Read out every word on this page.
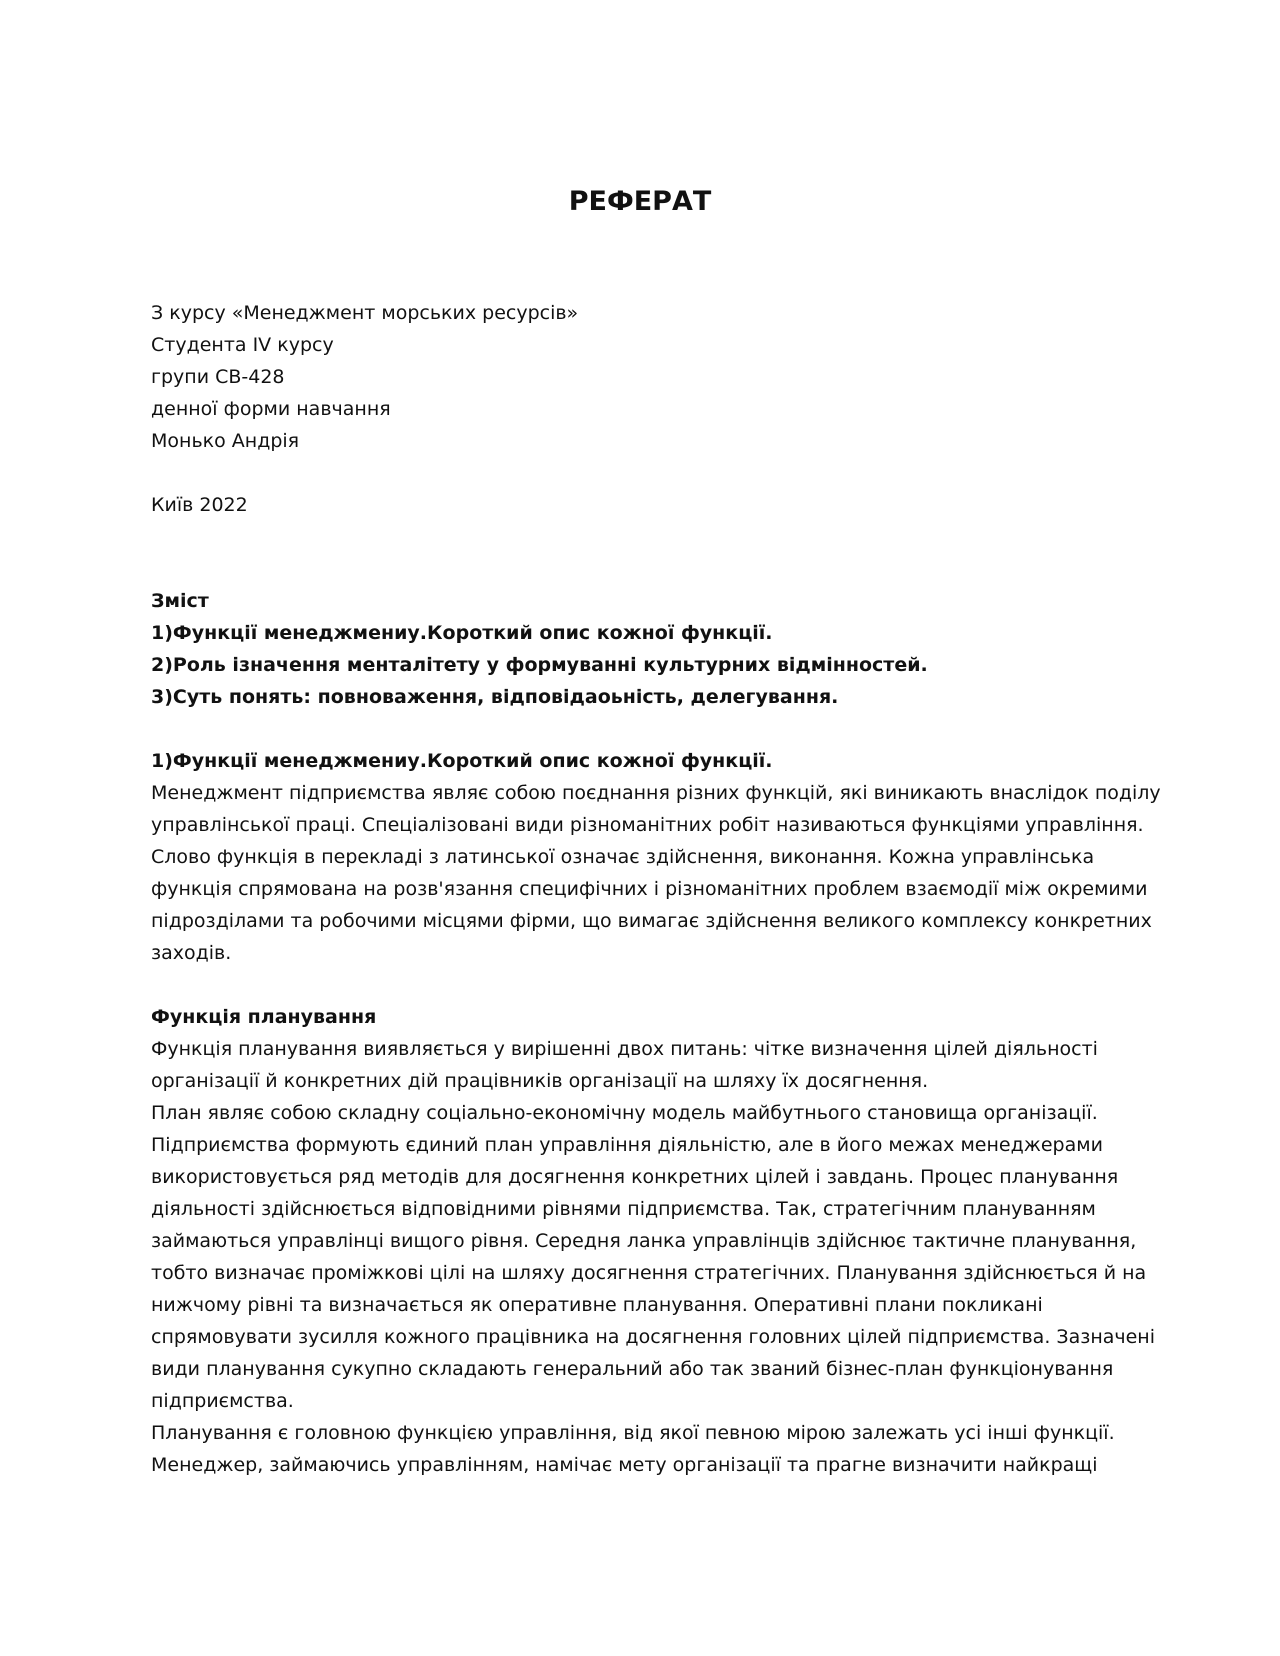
РЕФЕРАТ
З курсу «Менеджмент морських ресурсів»
Студента IV курсу
групи СВ-428
денної форми навчання
Монько Андрія
Київ 2022
Зміст
1)Функції менеджмениу.Короткий опис кожної функції.
2)Роль ізначення менталітету у формуванні культурних відмінностей.
3)Суть понять: повноваження, відповідаоьність, делегування.
1)Функції менеджмениу.Короткий опис кожної функції.
Менеджмент підприємства являє собою поєднання різних функцій, які виникають внаслідок поділу
управлінської праці. Спеціалізовані види різноманітних робіт називаються функціями управління.
Слово функція в перекладі з латинської означає здійснення, виконання. Кожна управлінська
функція спрямована на розв'язання специфічних і різноманітних проблем взаємодії між окремими
підрозділами та робочими місцями фірми, що вимагає здійснення великого комплексу конкретних
заходів.
Функція планування
Функція планування виявляється у вирішенні двох питань: чітке визначення цілей діяльності
організації й конкретних дій працівників організації на шляху їх досягнення.
План являє собою складну соціально-економічну модель майбутнього становища організації.
Підприємства формують єдиний план управління діяльністю, але в його межах менеджерами
використовується ряд методів для досягнення конкретних цілей і завдань. Процес планування
діяльності здійснюється відповідними рівнями підприємства. Так, стратегічним плануванням
займаються управлінці вищого рівня. Середня ланка управлінців здійснює тактичне планування,
тобто визначає проміжкові цілі на шляху досягнення стратегічних. Планування здійснюється й на
нижчому рівні та визначається як оперативне планування. Оперативні плани покликані
спрямовувати зусилля кожного працівника на досягнення головних цілей підприємства. Зазначені
види планування сукупно складають генеральний або так званий бізнес-план функціонування
підприємства.
Планування є головною функцією управління, від якої певною мірою залежать усі інші функції.
Менеджер, займаючись управлінням, намічає мету організації та прагне визначити найкращі
